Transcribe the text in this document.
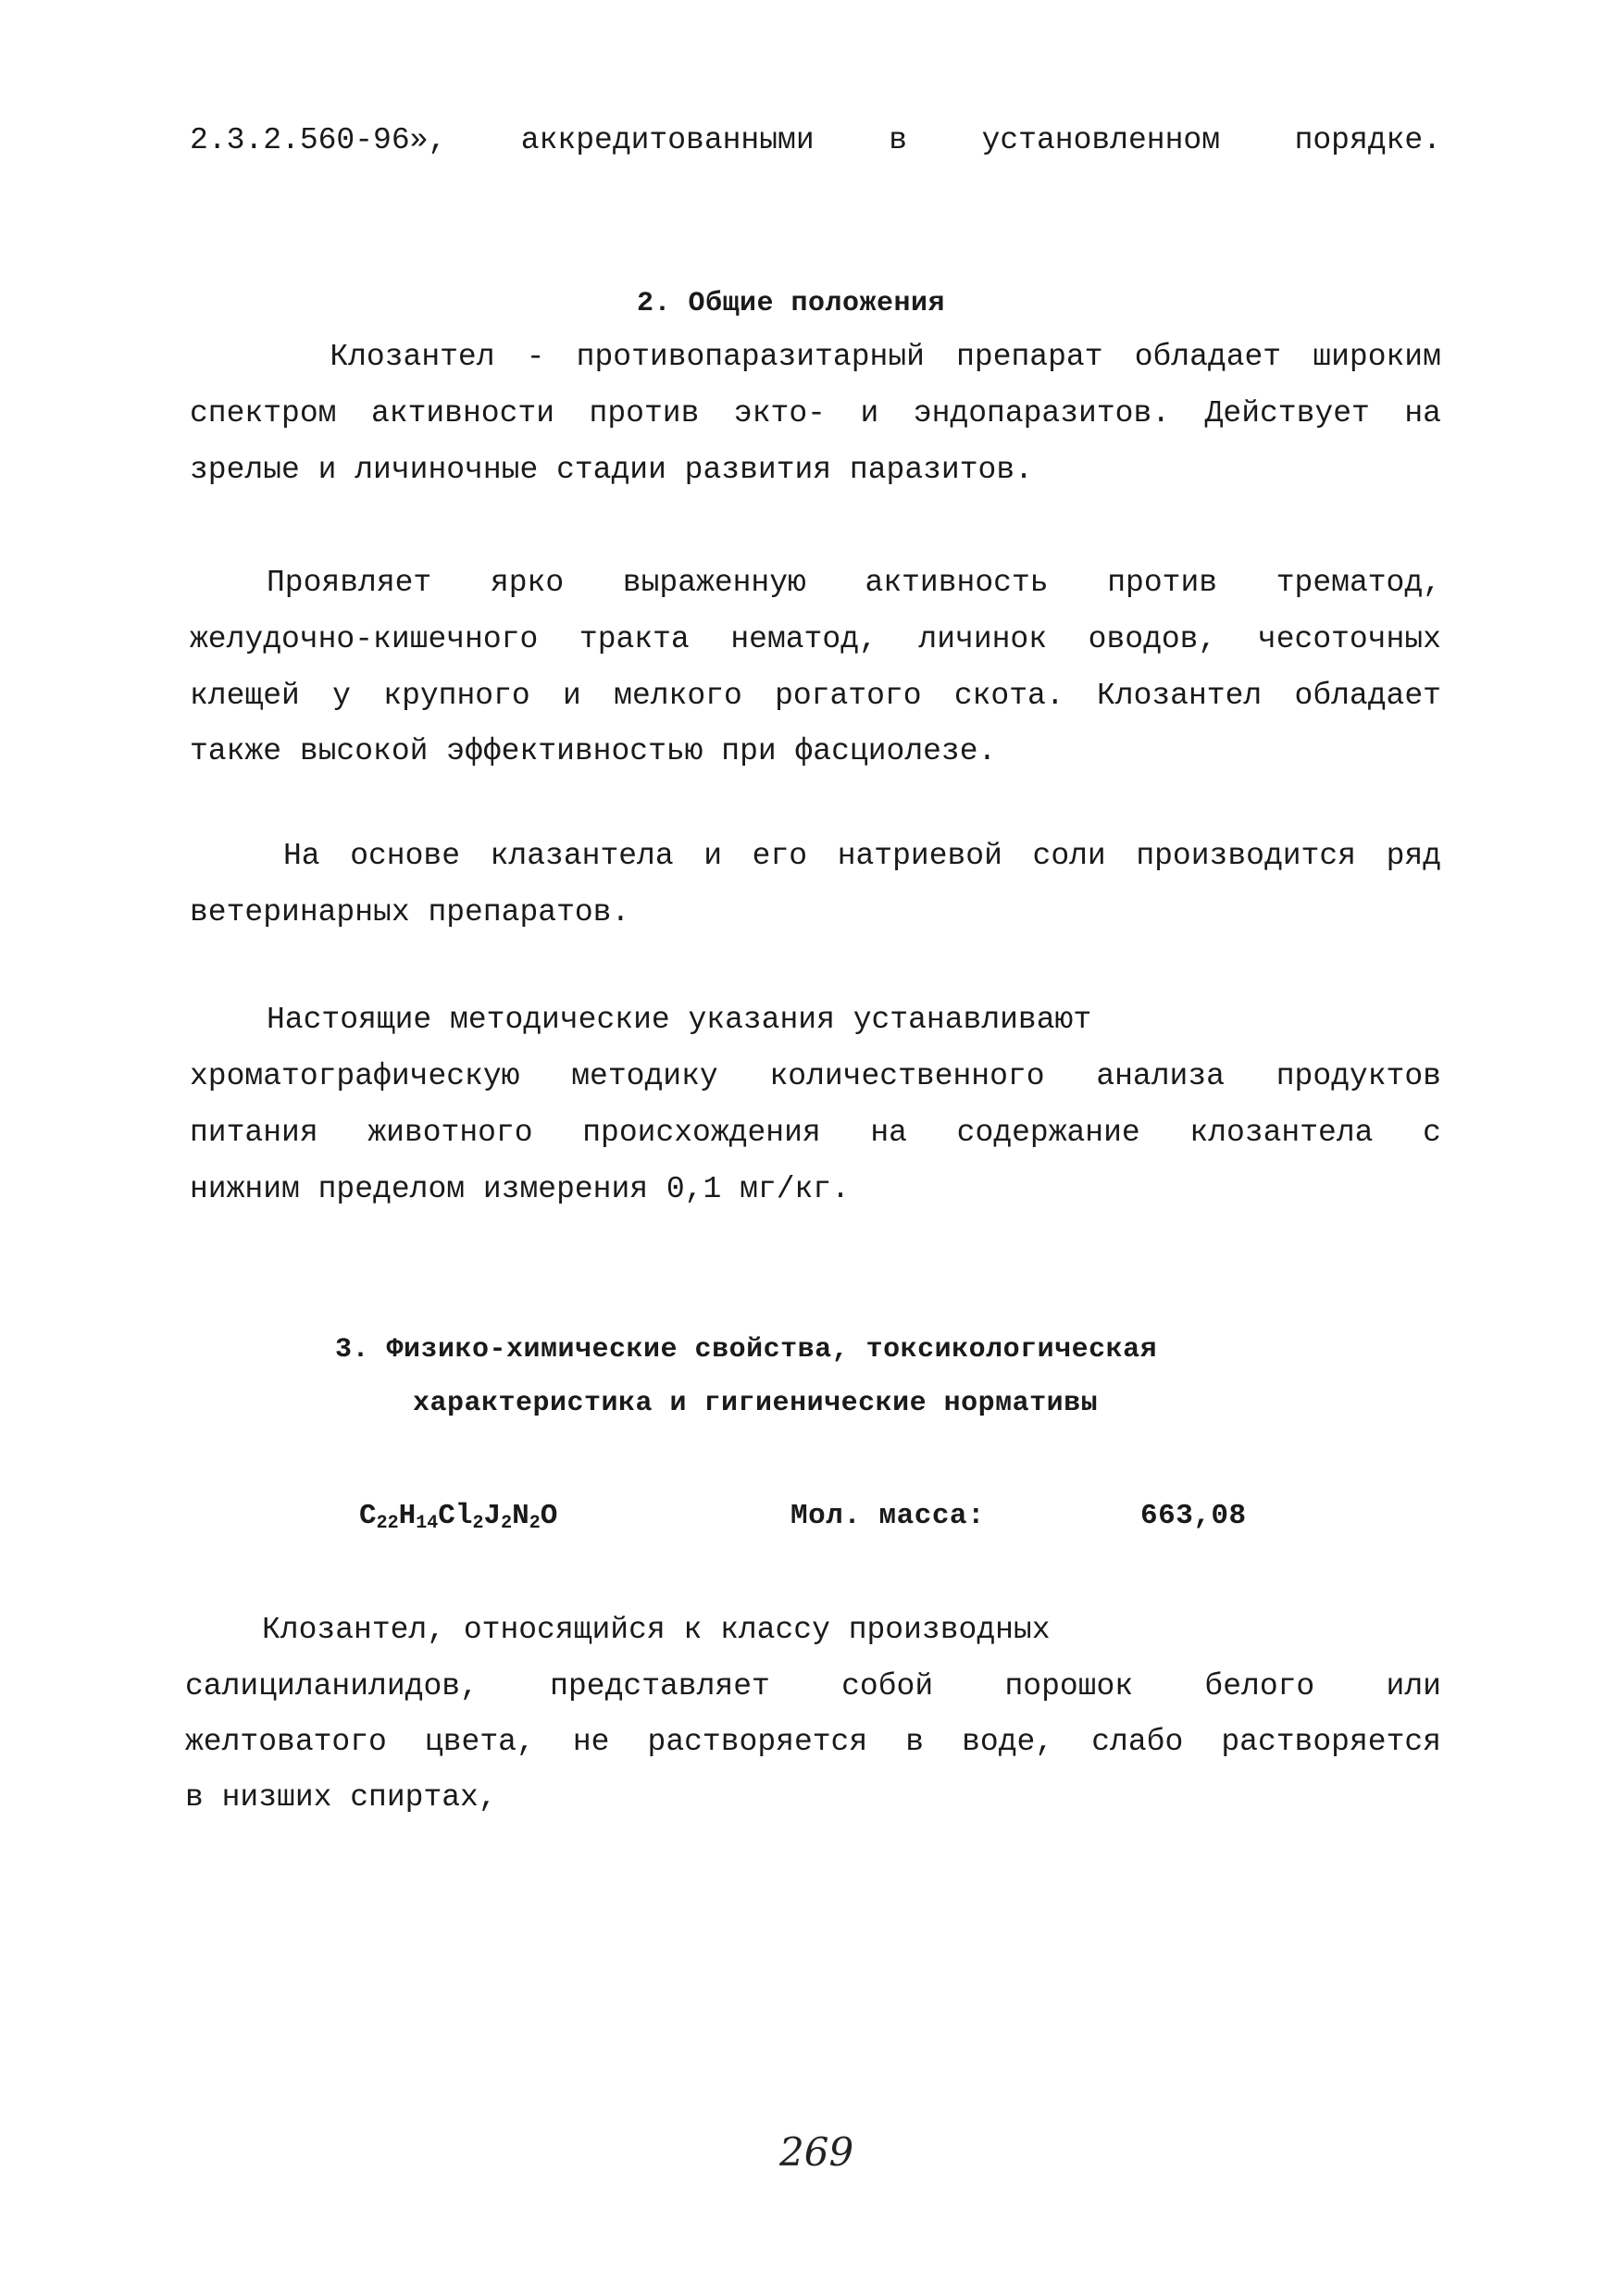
2.3.2.560-96», аккредитованными в установленном порядке.
2. Общие положения

Клозантел - противопаразитарный препарат обладает широким

спектром активности против экто- и эндопаразитов. Действует на
зрелые и личиночные стадии развития паразитов.
Проявляет ярко выраженную активность против трематод,
желудочно-кишечного тракта нематод, личинок оводов, чесоточных
клещей у крупного и мелкого рогатого скота. Клозантел обладает
также высокой эффективностью при фасциолезе.
На основе клазантела и его натриевой соли производится ряд
ветеринарных препаратов.
Настоящие методические указания устанавливают
хроматографическую методику количественного анализа продуктов
питания животного происхождения на содержание клозантела с
нижним пределом измерения 0,1 мг/кг.
3. Физико-химические свойства, токсикологическая
характеристика и гигиенические нормативы
$C_{22}H_{14}Cl_2J_2N_2O$	Мол. масса:	663,08
Клозантел, относящийся к классу производных
салициланилидов, представляет собой порошок белого или
желтоватого цвета, не растворяется в воде, слабо растворяется
в низших спиртах,
269
